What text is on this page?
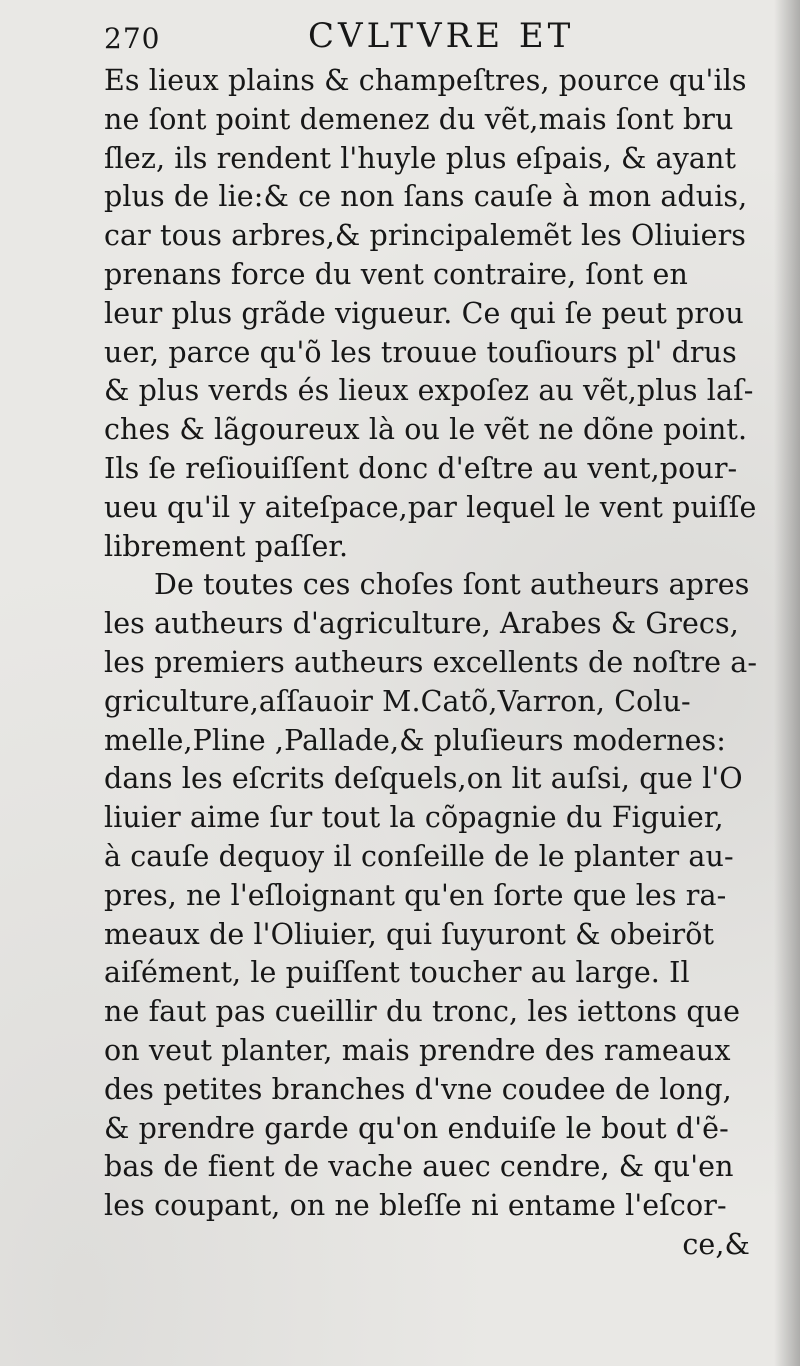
270	CVLTVRE ET
Es lieux plains & champeſtres, pource qu'ils
ne ſont point demenez du vẽt,mais ſont bru
ſlez, ils rendent l'huyle plus eſpais, & ayant
plus de lie:& ce non ſans cauſe à mon aduis,
car tous arbres,& principalemẽt les Oliuiers
prenans force du vent contraire, ſont en
leur plus grãde vigueur. Ce qui ſe peut prou
uer, parce qu'õ les trouue touſiours pl' drus
& plus verds és lieux expoſez au vẽt,plus laſ-
ches & lãgoureux là ou le vẽt ne dõne point.
Ils ſe reſiouiſſent donc d'eſtre au vent,pour-
ueu qu'il y aiteſpace,par lequel le vent puiſſe
librement paſſer.
De toutes ces choſes ſont autheurs apres
les autheurs d'agriculture, Arabes & Grecs,
les premiers autheurs excellents de noſtre a-
griculture,aſſauoir M.Catõ,Varron, Colu-
melle,Pline ,Pallade,& pluſieurs modernes:
dans les eſcrits deſquels,on lit auſsi, que l'O
liuier aime ſur tout la cõpagnie du Figuier,
à cauſe dequoy il conſeille de le planter au-
pres, ne l'eſloignant qu'en ſorte que les ra-
meaux de l'Oliuier, qui ſuyuront & obeirõt
aiſément, le puiſſent toucher au large. Il
ne faut pas cueillir du tronc, les iettons que
on veut planter, mais prendre des rameaux
des petites branches d'vne coudee de long,
& prendre garde qu'on enduiſe le bout d'ẽ-
bas de fient de vache auec cendre, & qu'en
les coupant, on ne bleſſe ni entame l'eſcor-
ce,&
